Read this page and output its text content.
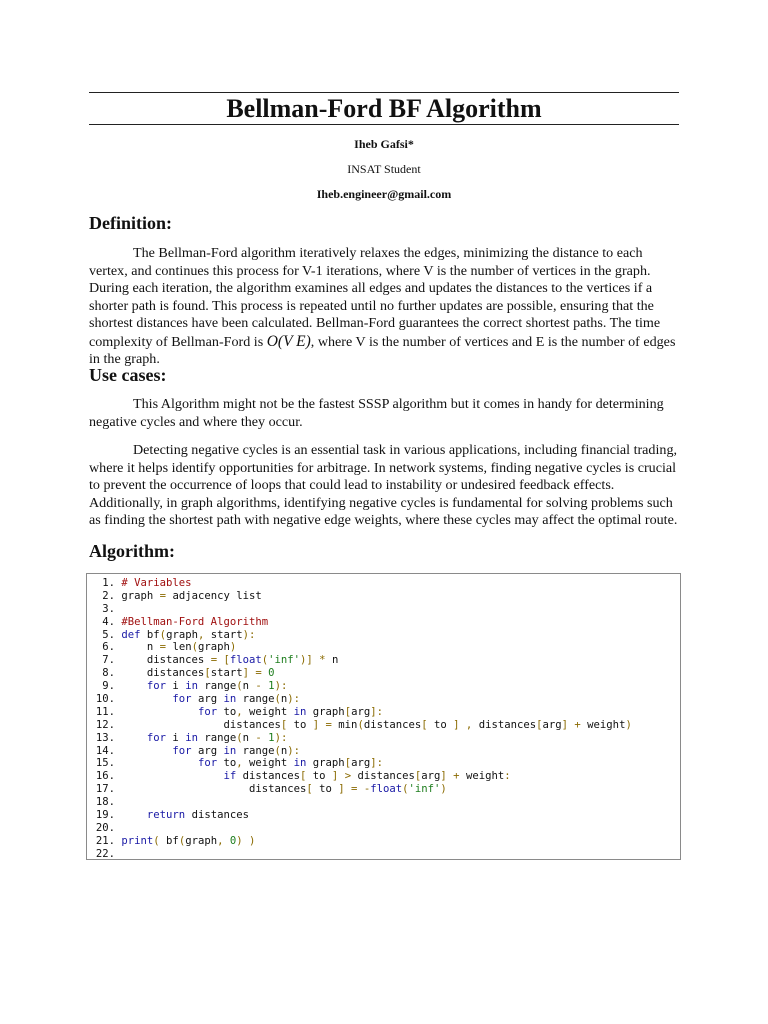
Bellman-Ford BF Algorithm

Iheb Gafsi*

INSAT Student

Iheb.engineer@gmail.com

Definition:

The Bellman-Ford algorithm iteratively relaxes the edges, minimizing the distance to each vertex, and continues this process for V-1 iterations, where V is the number of vertices in the graph. During each iteration, the algorithm examines all edges and updates the distances to the vertices if a shorter path is found. This process is repeated until no further updates are possible, ensuring that the shortest distances have been calculated. Bellman-Ford guarantees the correct shortest paths. The time complexity of Bellman-Ford is O(V E), where V is the number of vertices and E is the number of edges in the graph.

Use cases:

This Algorithm might not be the fastest SSSP algorithm but it comes in handy for determining negative cycles and where they occur.

Detecting negative cycles is an essential task in various applications, including financial trading, where it helps identify opportunities for arbitrage. In network systems, finding negative cycles is crucial to prevent the occurrence of loops that could lead to instability or undesired feedback effects. Additionally, in graph algorithms, identifying negative cycles is fundamental for solving problems such as finding the shortest path with negative edge weights, where these cycles may affect the optimal route.

Algorithm:
1. # Variables
2. graph = adjacency list
3.
4. #Bellman-Ford Algorithm
5. def bf(graph, start):
6.     n = len(graph)
7.     distances = [float('inf')] * n
8.     distances[start] = 0
9.	for i in range(n - 1):
10.	for arg in range(n):
11.	for to, weight in graph[arg]:
12.                 distances[ to ] = min(distances[ to ] , distances[arg] + weight)
13.	for i in range(n - 1):
14.	for arg in range(n):
15.	for to, weight in graph[arg]:
16.	if distances[ to ] > distances[arg] + weight:
17.                     distances[ to ] = -float('inf')
18.
19.	return distances
20.
21. print( bf(graph, 0) )
22.
